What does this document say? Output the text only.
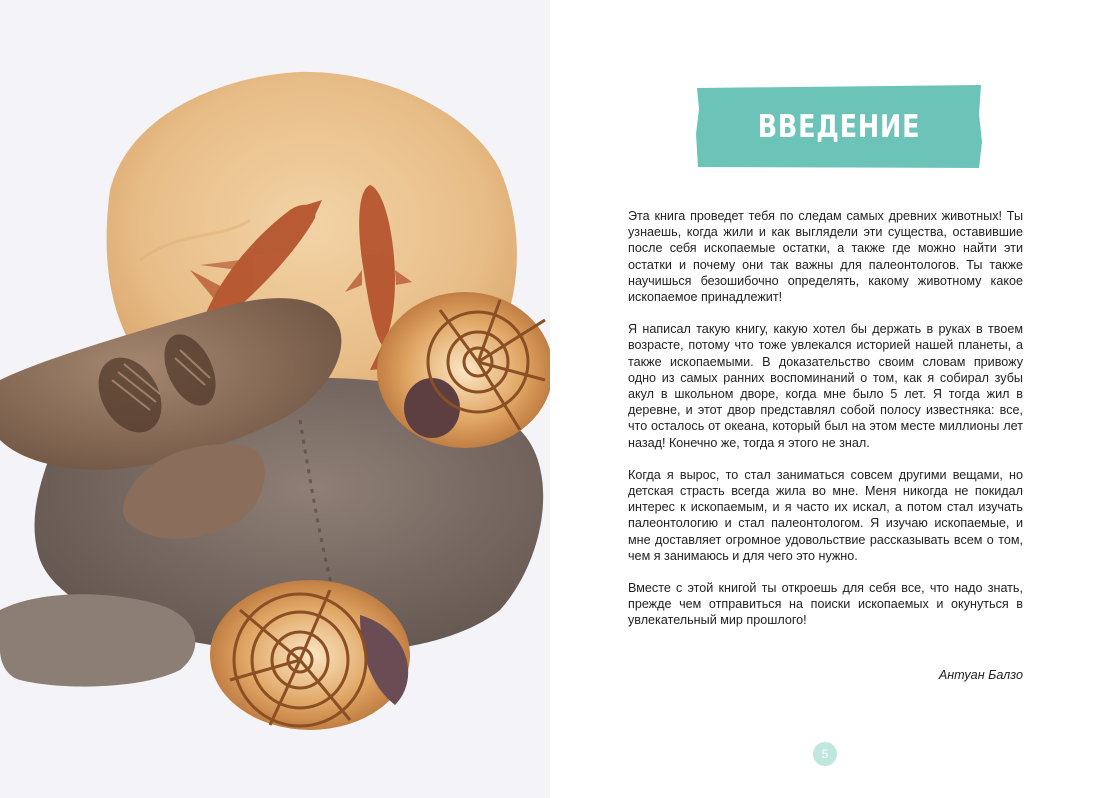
ВВЕДЕНИЕ

Эта книга проведет тебя по следам самых древних животных! Ты узнаешь, когда жили и как выглядели эти существа, оставившие после себя ископаемые остатки, а также где можно найти эти остатки и почему они так важны для палеонтологов. Ты также научишься безошибочно определять, какому животному какое ископаемое принадлежит!

Я написал такую книгу, какую хотел бы держать в руках в твоем возрасте, потому что тоже увлекался историей нашей планеты, а также ископаемыми. В доказательство своим словам привожу одно из самых ранних воспоминаний о том, как я собирал зубы акул в школьном дворе, когда мне было 5 лет. Я тогда жил в деревне, и этот двор представлял собой полосу известняка: все, что осталось от океана, который был на этом месте миллионы лет назад! Конечно же, тогда я этого не знал.

Когда я вырос, то стал заниматься совсем другими вещами, но детская страсть всегда жила во мне. Меня никогда не покидал интерес к ископаемым, и я часто их искал, а потом стал изучать палеонтологию и стал палеонтологом. Я изучаю ископаемые, и мне доставляет огромное удовольствие рассказывать всем о том, чем я занимаюсь и для чего это нужно.

Вместе с этой книгой ты откроешь для себя все, что надо знать, прежде чем отправиться на поиски ископаемых и окунуться в увлекательный мир прошлого!

Антуан Балзо
5
